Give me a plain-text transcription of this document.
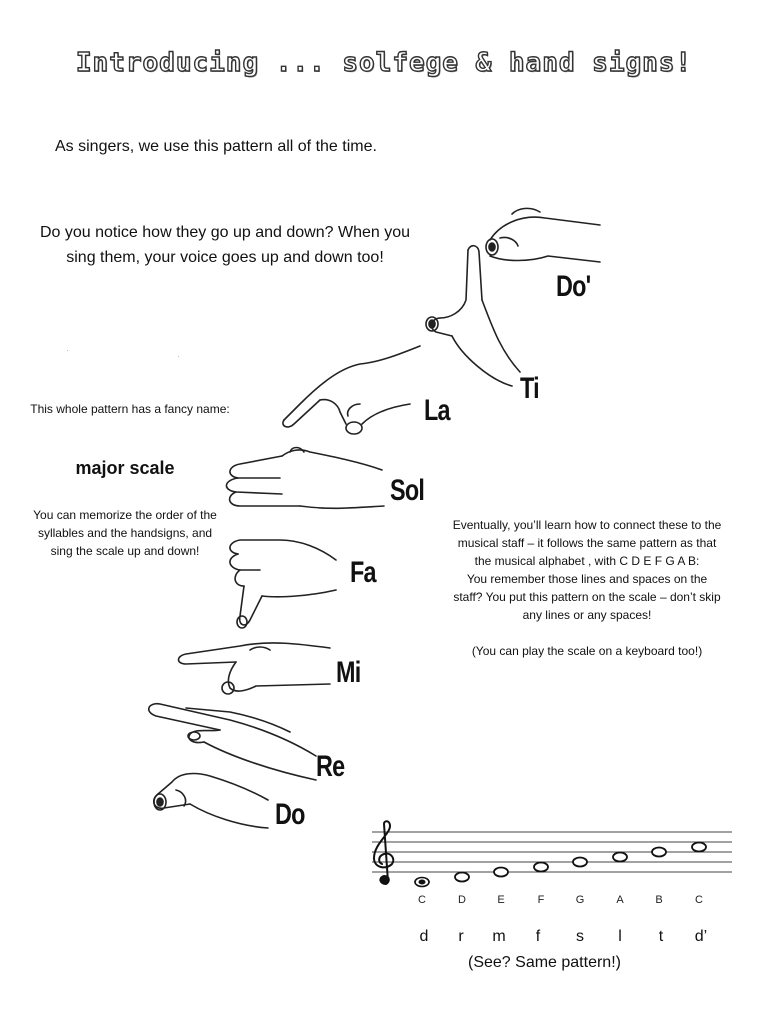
Introducing ... solfege & hand signs!
As singers, we use this pattern all of the time.
Do you notice how they go up and down? When you sing them, your voice goes up and down too!
This whole pattern has a fancy name:
major scale
You can memorize the order of the syllables and the handsigns, and sing the scale up and down!

Eventually, you’ll learn how to connect these to the musical staff – it follows the same pattern as that the musical alphabet , with C D E F G A B:

You remember those lines and spaces on the staff? You put this pattern on the scale – don’t skip any lines or any spaces!

(You can play the scale on a keyboard too!)

Do'
Ti
La
Sol
Fa
Mi
Re
Do
C	D	E	F	G	A	B	C
d	r	m	f	s	l	t	d’
(See? Same pattern!)
